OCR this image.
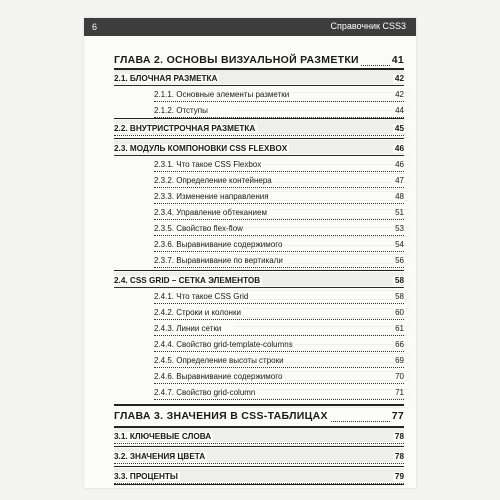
6	Справочник CSS3
ГЛАВА 2. ОСНОВЫ ВИЗУАЛЬНОЙ РАЗМЕТКИ	41
2.1. БЛОЧНАЯ РАЗМЕТКА	42
2.1.1. Основные элементы разметки	42
2.1.2. Отступы	44
2.2. ВНУТРИСТРОЧНАЯ РАЗМЕТКА	45
2.3. МОДУЛЬ КОМПОНОВКИ CSS FLEXBOX	46
2.3.1. Что такое CSS Flexbox	46
2.3.2. Определение контейнера	47
2.3.3. Изменение направления	48
2.3.4. Управление обтеканием	51
2.3.5. Свойство flex-flow	53
2.3.6. Выравнивание содержимого	54
2.3.7. Выравнивание по вертикали	56
2.4. CSS GRID – СЕТКА ЭЛЕМЕНТОВ	58
2.4.1. Что такое CSS Grid	58
2.4.2. Строки и колонки	60
2.4.3. Линии сетки	61
2.4.4. Свойство grid-template-columns	66
2.4.5. Определение высоты строки	69
2.4.6. Выравнивание содержимого	70
2.4.7. Свойство grid-column	71
ГЛАВА 3. ЗНАЧЕНИЯ В CSS-ТАБЛИЦАХ	77
3.1. КЛЮЧЕВЫЕ СЛОВА	78
3.2. ЗНАЧЕНИЯ ЦВЕТА	78
3.3. ПРОЦЕНТЫ	79
